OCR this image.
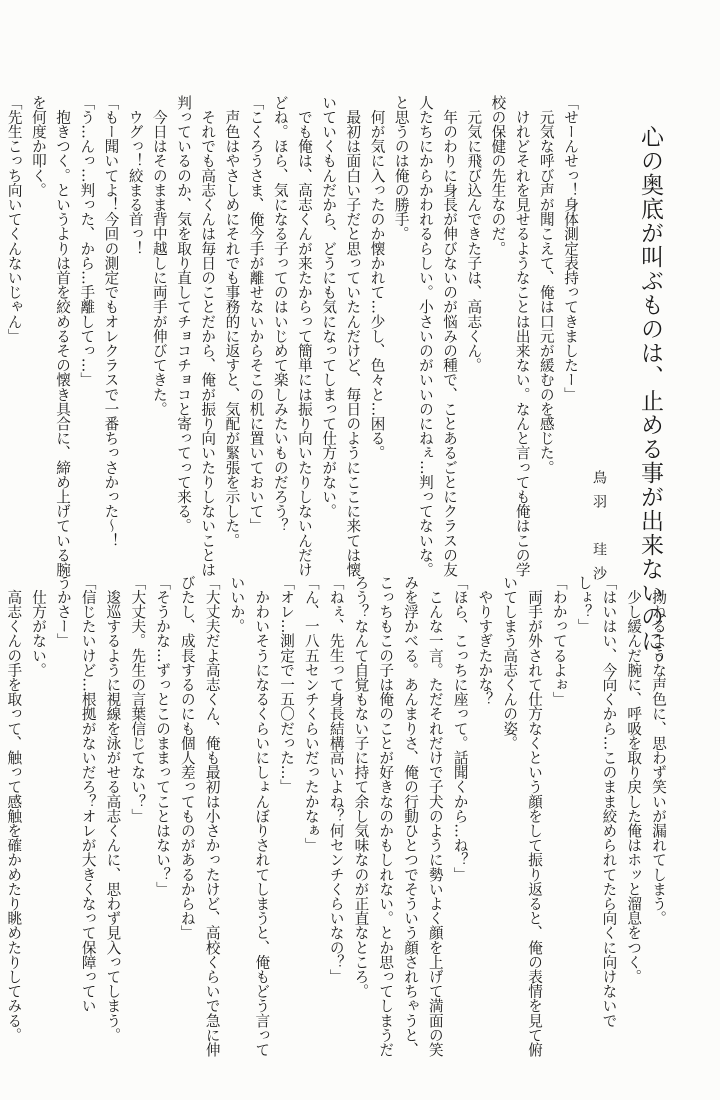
心の奥底が叫ぶものは、止める事が出来ないのに。

鳥羽　珪沙

「せーんせっ！身体測定表持ってきましたー」

　元気な呼び声が聞こえて、俺は口元が緩むのを感じた。

　けれどそれを見せるようなことは出来ない。なんと言っても俺はこの学

校の保健の先生なのだ。

　元気に飛び込んできた子は、高志くん。

　年のわりに身長が伸びないのが悩みの種で、ことあるごとにクラスの友

人たちにからかわれるらしい。小さいのがいいのにねぇ…判ってないな。

と思うのは俺の勝手。

　何が気に入ったのか懐かれて…少し、色々と…困る。

　最初は面白い子だと思っていたんだけど、毎日のようにここに来ては懐

いていくもんだから、どうにも気になってしまって仕方がない。

　でも俺は、高志くんが来たからって簡単には振り向いたりしないんだけ

どね。ほら、気になる子ってのはいじめて楽しみたいものだろう？

「こくろうさま、俺今手が離せないからそこの机に置いておいて」

　声色はやさしめにそれでも事務的に返すと、気配が緊張を示した。

　それでも高志くんは毎日のことだから、俺が振り向いたりしないことは

判っているのか、気を取り直してチョコチョコと寄ってって来る。

　今日はそのまま背中越しに両手が伸びてきた。

　ウグっ！絞まる首っ！

「もー聞いてよ！今回の測定でもオレクラスで一番ちっさかった～！

「う…んっ…判った、から…手離してっ…」

　抱きつく。というよりは首を絞めるその懐き具合に、締め上げている腕

を何度か叩く。

「先生こっち向いてくんないじゃん」

　拗ねるような声色に、思わず笑いが漏れてしまう。

　少し緩んだ腕に、呼吸を取り戻した俺はホッと溜息をつく。

「はいはい、今向くから…このまま絞められてたら向くに向けないで

しょ？」

「わかってるよぉ」

　両手が外されて仕方なくという顔をして振り返ると、俺の表情を見て俯

いてしまう高志くんの姿。

　やりすぎたかな？

「ほら、こっちに座って。話聞くから…ね？」

　こんな一言。ただそれだけで子犬のように勢いよく顔を上げて満面の笑

みを浮かべる。あんまりさ、俺の行動ひとつでそういう顔されちゃうと、

こっちもこの子は俺のことが好きなのかもしれない。とか思ってしまうだ

ろう？なんて自覚もない子に持て余し気味なのが正直なところ。

「ねぇ、先生って身長結構高いよね？何センチくらいなの？」

「ん、一八五センチくらいだったかなぁ」

「オレ…測定で一五〇だった…」

　かわいそうになるくらいにしょんぼりされてしまうと、俺もどう言って

いいか。

「大丈夫だよ高志くん、俺も最初は小さかったけど、高校くらいで急に伸

びたし、成長するのにも個人差ってものがあるからね」

「そうかな…ずっとこのままってことはない？」

「大丈夫。先生の言葉信じてない？」

　逡巡するように視線を泳がせる高志くんに、思わず見入ってしまう。

「信じたいけど…根拠がないだろ？オレが大きくなって保障ってい

うかさー」

　仕方がない。

　高志くんの手を取って、触って感触を確かめたり眺めたりしてみる。
